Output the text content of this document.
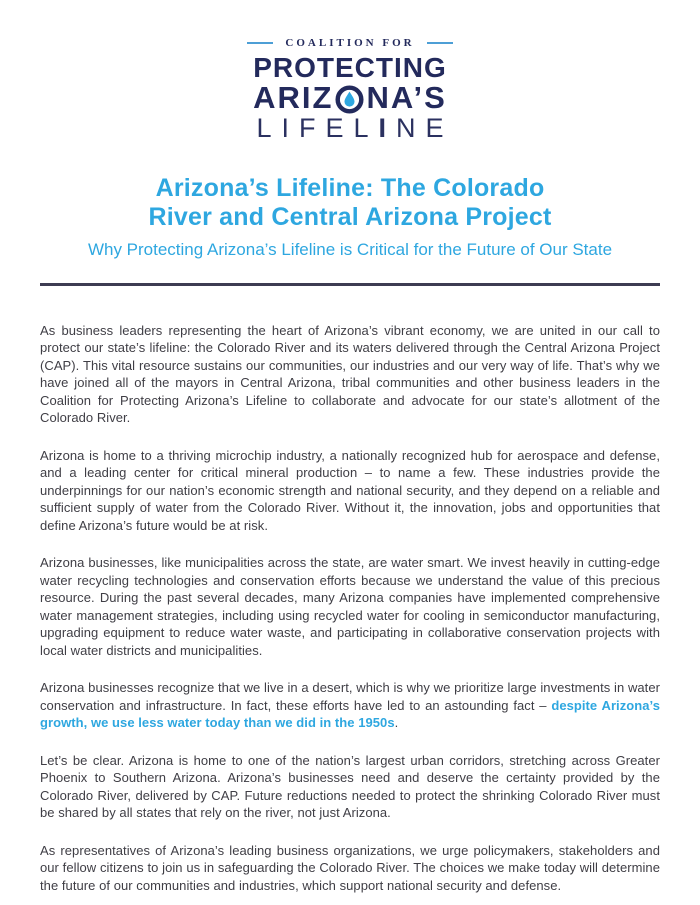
COALITION FOR
PROTECTING
ARIZ NA’S
LIFELINE
Arizona’s Lifeline: The Colorado
River and Central Arizona Project
Why Protecting Arizona’s Lifeline is Critical for the Future of Our State

As business leaders representing the heart of Arizona’s vibrant economy, we are united in our call to protect our state’s lifeline: the Colorado River and its waters delivered through the Central Arizona Project (CAP). This vital resource sustains our communities, our industries and our very way of life. That’s why we have joined all of the mayors in Central Arizona, tribal communities and other business leaders in the Coalition for Protecting Arizona’s Lifeline to collaborate and advocate for our state’s allotment of the Colorado River.

Arizona is home to a thriving microchip industry, a nationally recognized hub for aerospace and defense, and a leading center for critical mineral production – to name a few. These industries provide the underpinnings for our nation’s economic strength and national security, and they depend on a reliable and sufficient supply of water from the Colorado River. Without it, the innovation, jobs and opportunities that define Arizona’s future would be at risk.

Arizona businesses, like municipalities across the state, are water smart. We invest heavily in cutting-edge water recycling technologies and conservation efforts because we understand the value of this precious resource. During the past several decades, many Arizona companies have implemented comprehensive water management strategies, including using recycled water for cooling in semiconductor manufacturing, upgrading equipment to reduce water waste, and participating in collaborative conservation projects with local water districts and municipalities.

Arizona businesses recognize that we live in a desert, which is why we prioritize large investments in water conservation and infrastructure. In fact, these efforts have led to an astounding fact – despite Arizona’s growth, we use less water today than we did in the 1950s.

Let’s be clear. Arizona is home to one of the nation’s largest urban corridors, stretching across Greater Phoenix to Southern Arizona. Arizona’s businesses need and deserve the certainty provided by the Colorado River, delivered by CAP. Future reductions needed to protect the shrinking Colorado River must be shared by all states that rely on the river, not just Arizona.

As representatives of Arizona’s leading business organizations, we urge policymakers, stakeholders and our fellow citizens to join us in safeguarding the Colorado River. The choices we make today will determine the future of our communities and industries, which support national security and defense.
